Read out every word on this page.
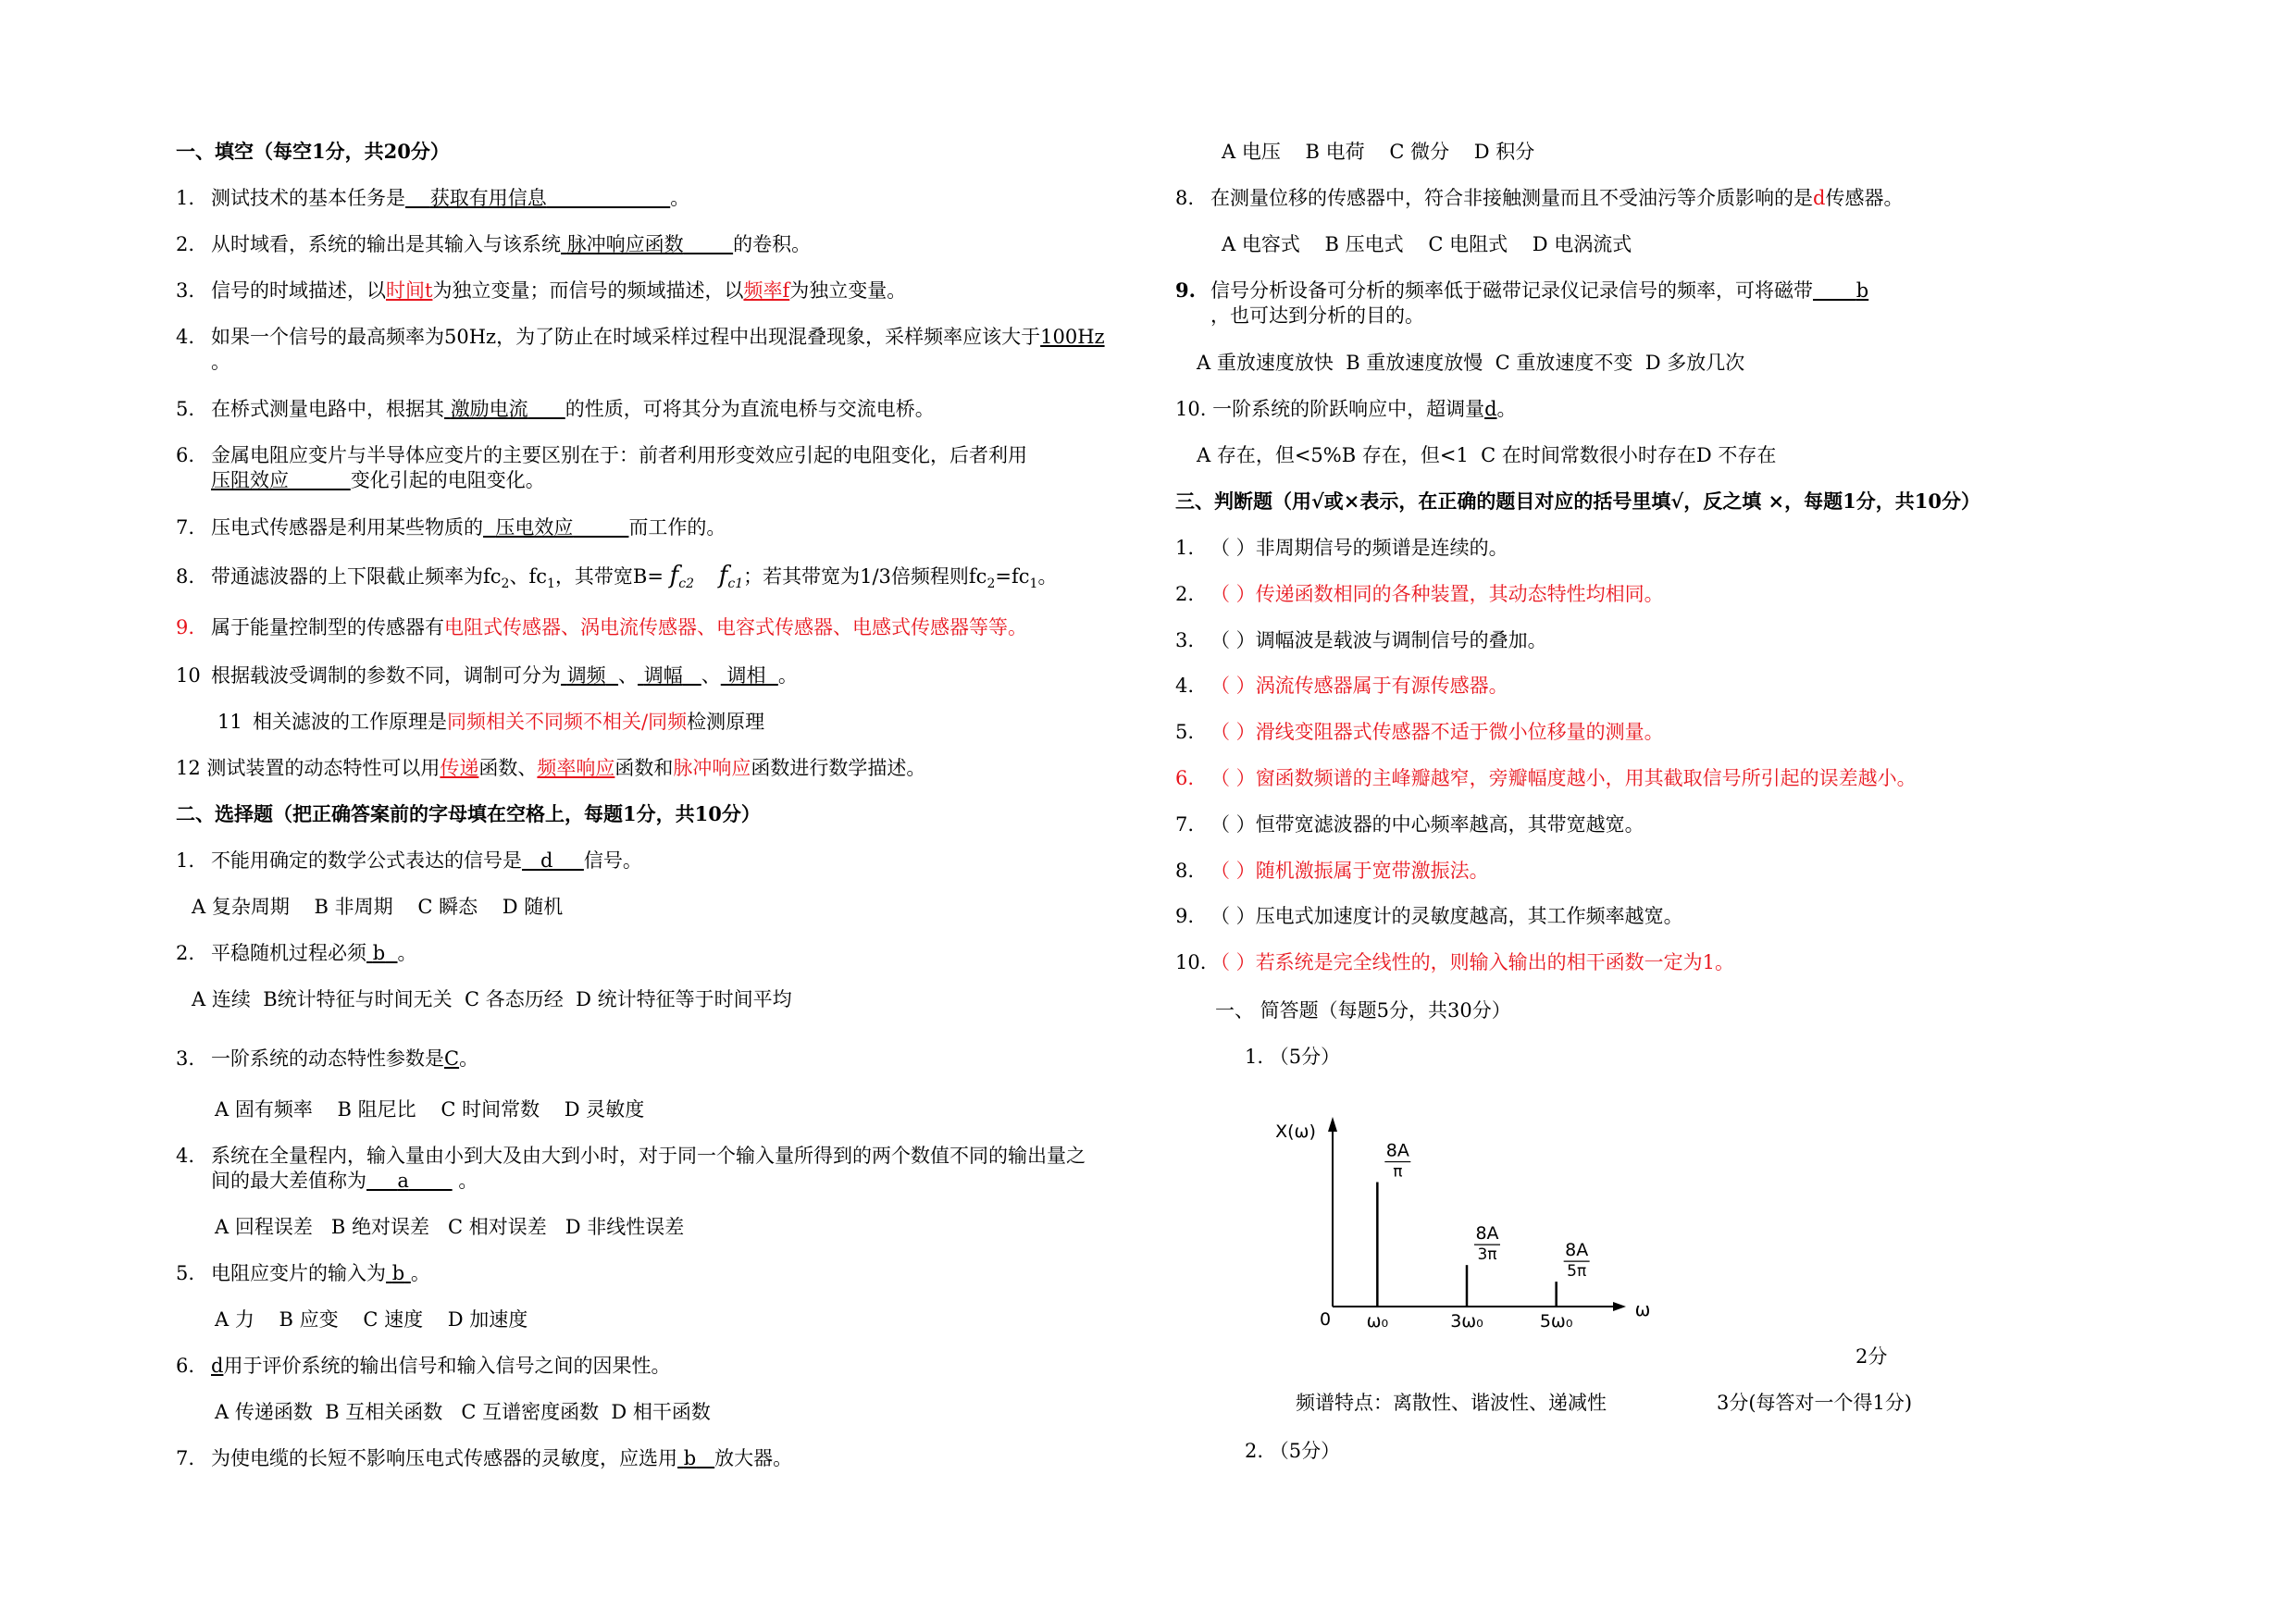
一、填空（每空1分，共20分）
1. 测试技术的基本任务是 获取有用信息	。
2. 从时域看，系统的输出是其输入与该系统 脉冲响应函数	的卷积。
3. 信号的时域描述，以时间t为独立变量；而信号的频域描述，以频率f为独立变量。
4. 如果一个信号的最高频率为50Hz，为了防止在时域采样过程中出现混叠现象，采样频率应该大于100Hz
。
5. 在桥式测量电路中，根据其 激励电流 的性质，可将其分为直流电桥与交流电桥。
6. 金属电阻应变片与半导体应变片的主要区别在于：前者利用形变效应引起的电阻变化，后者利用
压阻效应	变化引起的电阻变化。
7. 压电式传感器是利用某些物质的 压电效应	而工作的。
8. 带通滤波器的上下限截止频率为$fc_2$、$fc_1$，其带宽$B= f_{c2}$ $f_{c1}$；若其带宽为1/3倍频程则$fc_2=fc_1$。
9. 属于能量控制型的传感器有电阻式传感器、涡电流传感器、电容式传感器、电感式传感器等等。
10 根据载波受调制的参数不同，调制可分为 调频 、 调幅 、 调相 。
11 相关滤波的工作原理是同频相关不同频不相关/同频检测原理
12 测试装置的动态特性可以用传递函数、频率响应函数和脉冲响应函数进行数学描述。
二、选择题（把正确答案前的字母填在空格上，每题1分，共10分）
1. 不能用确定的数学公式表达的信号是 d 信号。
A 复杂周期    B 非周期    C 瞬态    D 随机
2. 平稳随机过程必须 b 。
A 连续  B统计特征与时间无关  C 各态历经  D 统计特征等于时间平均
3. 一阶系统的动态特性参数是C。
A 固有频率    B 阻尼比    C 时间常数    D 灵敏度
4. 系统在全量程内，输入量由小到大及由大到小时，对于同一个输入量所得到的两个数值不同的输出量之
间的最大差值称为 a	。
A 回程误差   B 绝对误差   C 相对误差   D 非线性误差
5. 电阻应变片的输入为 b 。
A 力    B 应变    C 速度    D 加速度
6. d用于评价系统的输出信号和输入信号之间的因果性。
A 传递函数  B 互相关函数   C 互谱密度函数  D 相干函数
7. 为使电缆的长短不影响压电式传感器的灵敏度，应选用 b 放大器。
A 电压    B 电荷    C 微分    D 积分
8. 在测量位移的传感器中，符合非接触测量而且不受油污等介质影响的是d传感器。
A 电容式    B 压电式    C 电阻式    D 电涡流式
9. 信号分析设备可分析的频率低于磁带记录仪记录信号的频率，可将磁带 b
，也可达到分析的目的。
A 重放速度放快  B 重放速度放慢  C 重放速度不变  D 多放几次
10. 一阶系统的阶跃响应中，超调量d。
A 存在，但<5%B 存在，但<1  C 在时间常数很小时存在D 不存在
三、判断题（用√或×表示，在正确的题目对应的括号里填√，反之填 ×，每题1分，共10分）
1. （ ）非周期信号的频谱是连续的。
2. （ ）传递函数相同的各种装置，其动态特性均相同。
3. （ ）调幅波是载波与调制信号的叠加。
4. （ ）涡流传感器属于有源传感器。
5. （ ）滑线变阻器式传感器不适于微小位移量的测量。
6. （ ）窗函数频谱的主峰瓣越窄，旁瓣幅度越小，用其截取信号所引起的误差越小。
7. （ ）恒带宽滤波器的中心频率越高，其带宽越宽。
8. （ ）随机激振属于宽带激振法。
9. （ ）压电式加速度计的灵敏度越高，其工作频率越宽。
10. （ ）若系统是完全线性的，则输入输出的相干函数一定为1。
一、 简答题（每题5分，共30分）
1. （5分）
X(ω)
ω
0
8A
π
ω₀
8A
3π
3ω₀
8A
5π
5ω₀
2分
频谱特点：离散性、谐波性、递减性	3分(每答对一个得1分)
2. （5分）
